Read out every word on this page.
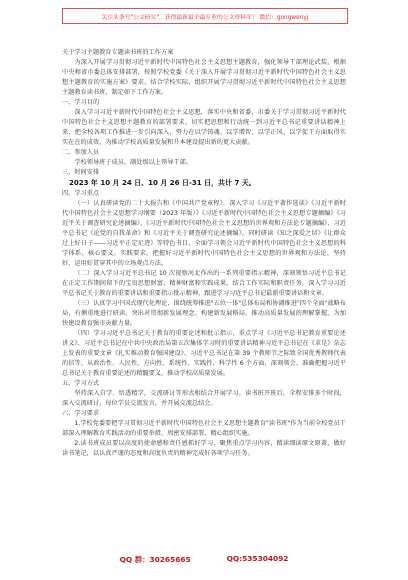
关注头条号"公文研究"，获得最新最全最专业的公文资料库！ 微信：gongwenyj

关于学习主题教育专题读书班的工作方案

为深入开展学习贯彻习近平新时代中国特色社会主义思想主题教育，强化领导干部理论武装，根据中央和省市委总体安排部署，按照学校党委《关于深入开展学习贯彻习近平新时代中国特色社会主义思想主题教育的实施方案》要求，结合学校实际，组织开展学习贯彻习近平新时代中国特色社会主义思想主题教育读书班，制定如下工作方案。

一、学习目的

深入学习习近平新时代中国特色社会主义思想，落实中央和省委，市委关于学习贯彻习近平新时代中国特色社会主义思想主题教育的部署要求，切实把思想和行动统一到习近平总书记重要讲话精神上来，把全校各项工作推进一步引向深入，努力在以学铸魂、以学增智、以学正风、以学促干方面取得实实在在的成效，为推动学校高质量发展和升本建设提出新的更大贡献。

二、参加人员

学校领导班子成员、副处级以上领导干部。

三、时间安排

2023 年 10 月 24 日、10 月 26 日-31 日，共计 7 天。

四、学习重点

（一）认真研读党的二十大报告和《中国共产党章程》，深入学习《习近平著作选读》《习近平新时代中国特色社会主义思想学习纲要（2023 年版）》《习近平新时代中国特色社会主义思想专题摘编》《习近平关于调查研究论述摘编》、《习近平新时代中国特色社会主义思想的世界观和方法论专题摘编》、习近平总书记《论党的自我革命》和《习近平关于调查研究论述摘编》，同时研读《知之深爱之切》《让群众过上好日子——习近平正定足迹》等特色书目，全面学习领会习近平新时代中国特色社会主义思想的科学体系、核心要义、实践要求，把握好习近平新时代中国特色社会主义思想的世界观和方法论，坚持好、运用好贯穿其中的立场观点方法。

（二）深入学习习近平总书记 10 次视察河北作出的一系列重要指示精神，深刻领悟习近平总书记在正定工作期间留下的宝贵思想财富、精神财富和实践成果，结合工作实际和职责任务，深入学习习近平总书记关于教育的重要讲话和重要指示批示精神，跟进学习习近平总书记最新重要讲话和文章。

（三）认真学习中国式现代化理论，围绕统筹推进"五位一体"总体布局和协调推进"四个全面"战略布局，有侧重地进行研读，突出对贯彻新发展理念、构建新发展格局、推动高质量发展的理解掌握，为加快建设教育强市贡献力量。

（四）学习习近平总书记关于教育的重要论述和批示指示，重点学习《习近平总书记教育重要论述讲义》、习近平总书记在中共中央政治局第五次集体学习时的重要讲话精神习近平总书记在《求是》杂志上发表的重要文章《扎实推动教育强国建设》、习近平总书记在第 39 个教师节之际致全国优秀教师代表的信等，从政治性、人民性、方向性、系统性、实践性、科学性 6 个方面，深刻领会、准确把握习近平总书记关于教育重要论述的精髓要义，推动学校高质量发展。

五、学习方式

坚持深入自学、悟透精学，交流研讨等形式相结合开展学习。读书班开班后，全程安排多个时段，深入交流研讨，每位学员交流发言，并开展交流总结会。

六、学习要求

1.学校党委要把学习贯彻习近平新时代中国特色社会主义思想主题教育"读书班"作为当前全校党员干部深入理解教育实践活动的重要举措，周密安排部署，精心组织实施。

2.读书班成员要以高度的使命感和责任感抓好学习，聚焦重点学习内容，精读细读原文原著，做好读书笔记，以认真严谨的态度和高度负责的精神完成好各项学习任务。

QQ 群：30265665	QQ:535304092
